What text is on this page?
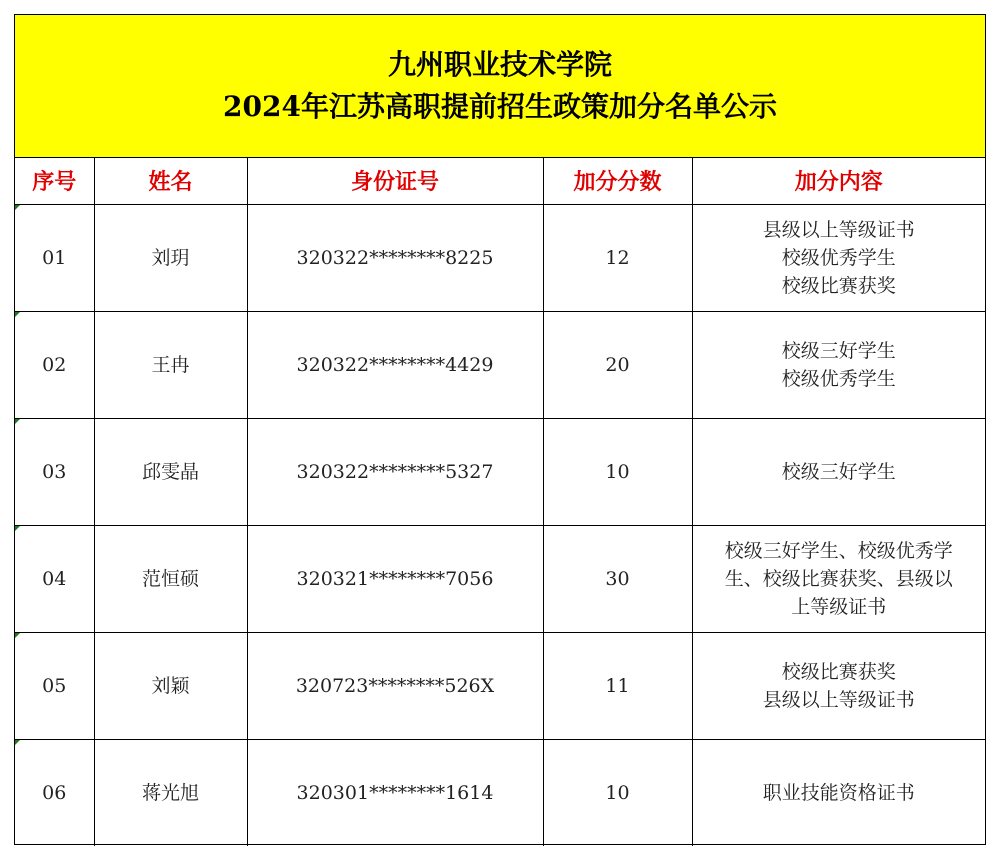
九州职业技术学院
2024年江苏高职提前招生政策加分名单公示
序号	姓名	身份证号	加分分数	加分内容
01	刘玥	320322********8225	12	县级以上等级证书
校级优秀学生
校级比赛获奖

02	王冉	320322********4429	20	校级三好学生
校级优秀学生

03	邱雯晶	320322********5327	10	校级三好学生

04	范恒硕	320321********7056	30	校级三好学生、校级优秀学
生、校级比赛获奖、县级以
上等级证书

05	刘颖	320723********526X	11	校级比赛获奖
县级以上等级证书

06	蒋光旭	320301********1614	10	职业技能资格证书
